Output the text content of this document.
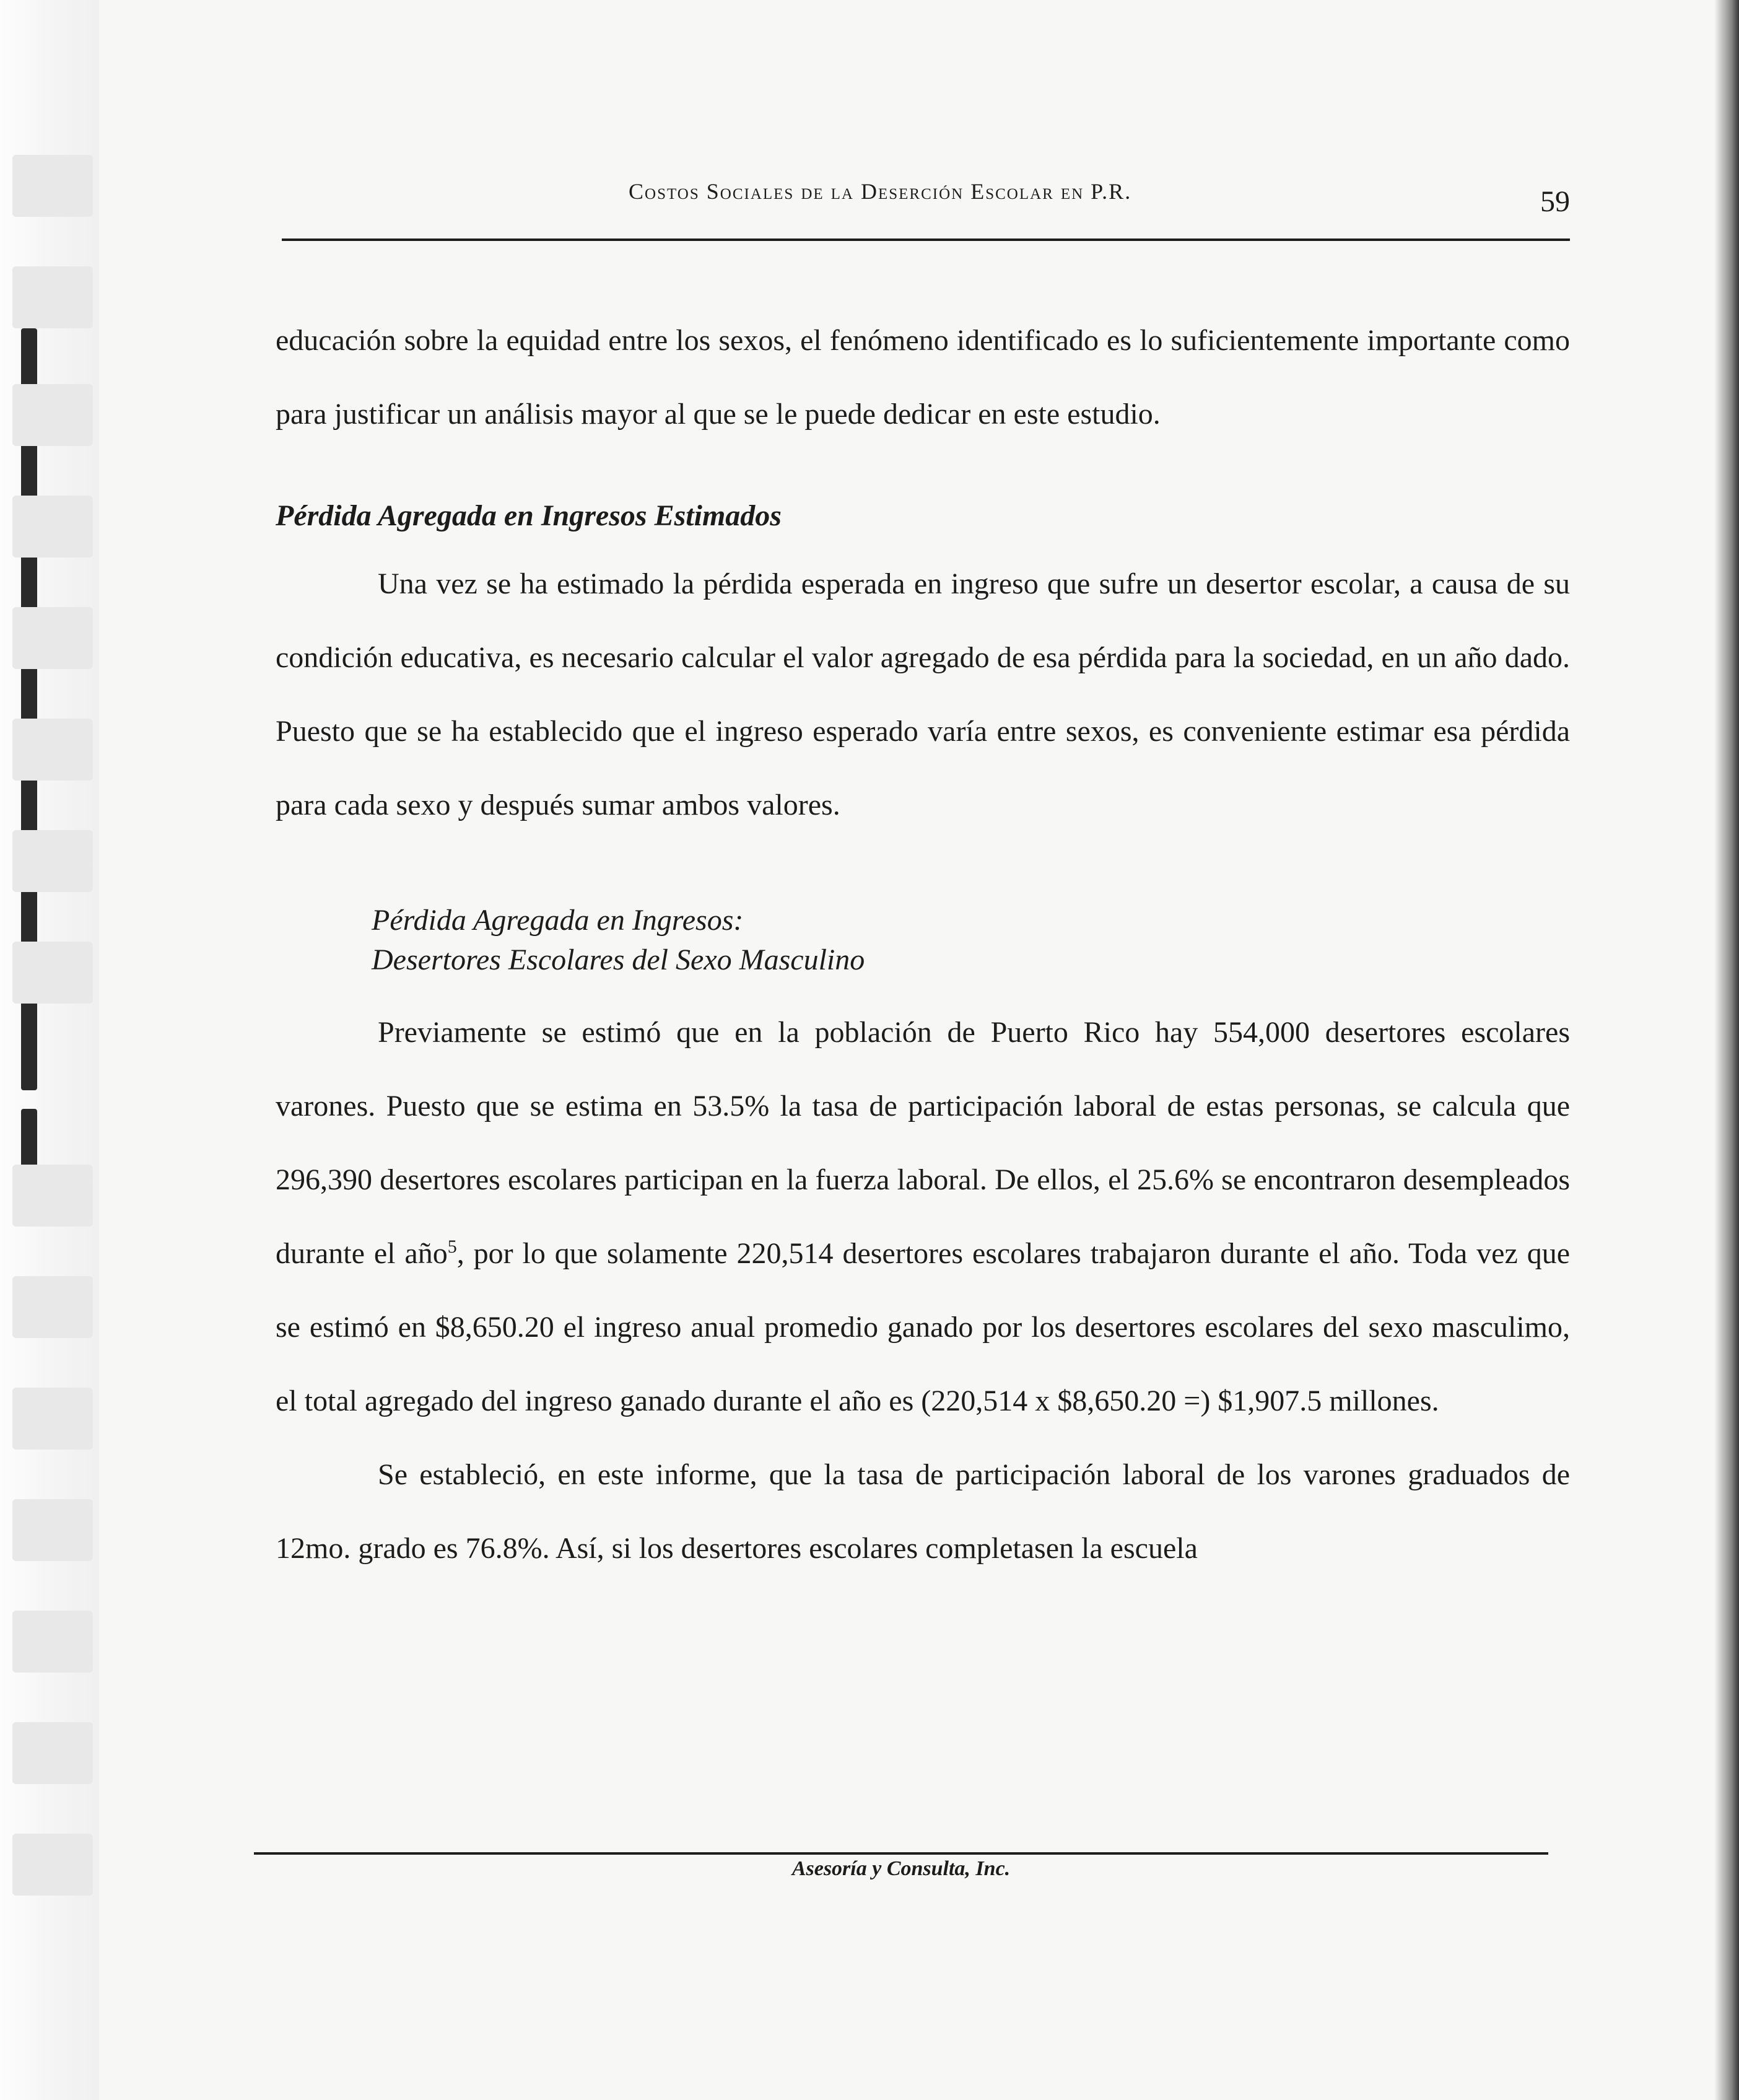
Costos Sociales de la Deserción Escolar en P.R.	59

educación sobre la equidad entre los sexos, el fenómeno identificado es lo suficientemente importante como para justificar un análisis mayor al que se le puede dedicar en este estudio.

Pérdida Agregada en Ingresos Estimados

Una vez se ha estimado la pérdida esperada en ingreso que sufre un desertor escolar, a causa de su condición educativa, es necesario calcular el valor agregado de esa pérdida para la sociedad, en un año dado. Puesto que se ha establecido que el ingreso esperado varía entre sexos, es conveniente estimar esa pérdida para cada sexo y después sumar ambos valores.

Pérdida Agregada en Ingresos:
Desertores Escolares del Sexo Masculino

Previamente se estimó que en la población de Puerto Rico hay 554,000 desertores escolares varones. Puesto que se estima en 53.5% la tasa de participación laboral de estas personas, se calcula que 296,390 desertores escolares participan en la fuerza laboral. De ellos, el 25.6% se encontraron desempleados durante el año$^5$, por lo que solamente 220,514 desertores escolares trabajaron durante el año. Toda vez que se estimó en $8,650.20 el ingreso anual promedio ganado por los desertores escolares del sexo masculimo, el total agregado del ingreso ganado durante el año es (220,514 x $8,650.20 =) $1,907.5 millones.

Se estableció, en este informe, que la tasa de participación laboral de los varones graduados de 12mo. grado es 76.8%. Así, si los desertores escolares completasen la escuela

Asesoría y Consulta, Inc.
